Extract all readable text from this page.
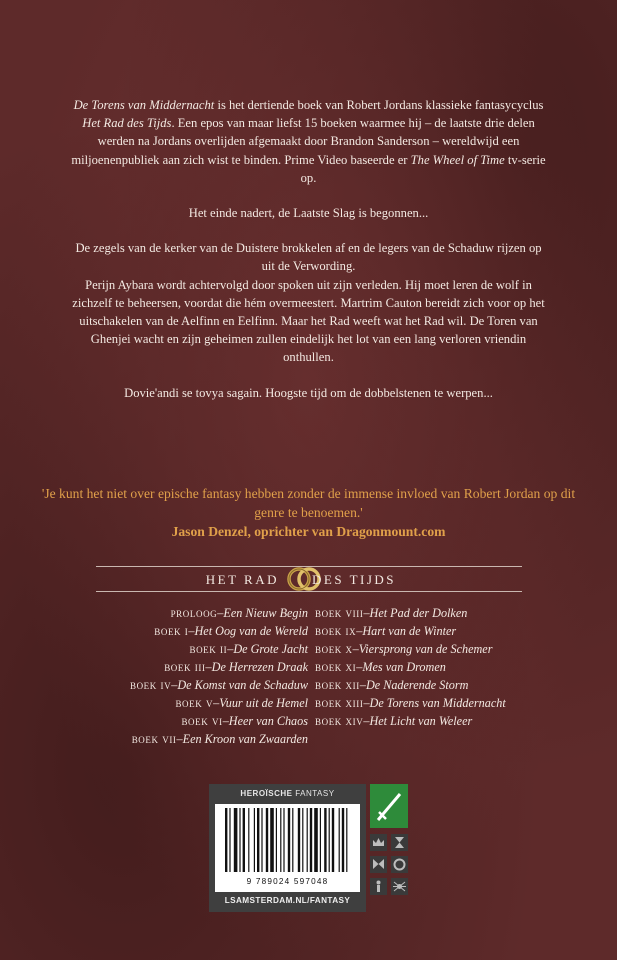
De Torens van Middernacht is het dertiende boek van Robert Jordans klassieke fantasycyclus Het Rad des Tijds. Een epos van maar liefst 15 boeken waarmee hij – de laatste drie delen werden na Jordans overlijden afgemaakt door Brandon Sanderson – wereldwijd een miljoenenpubliek aan zich wist te binden. Prime Video baseerde er The Wheel of Time tv-serie op.

Het einde nadert, de Laatste Slag is begonnen...

De zegels van de kerker van de Duistere brokkelen af en de legers van de Schaduw rijzen op uit de Verwording.

Perijn Aybara wordt achtervolgd door spoken uit zijn verleden. Hij moet leren de wolf in zichzelf te beheersen, voordat die hém overmeestert. Martrim Cauton bereidt zich voor op het uitschakelen van de Aelfinn en Eelfinn. Maar het Rad weeft wat het Rad wil. De Toren van Ghenjei wacht en zijn geheimen zullen eindelijk het lot van een lang verloren vriendin onthullen.

Dovie'andi se tovya sagain. Hoogste tijd om de dobbelstenen te werpen...

'Je kunt het niet over epische fantasy hebben zonder de immense invloed van Robert Jordan op dit genre te benoemen.'
Jason Denzel, oprichter van Dragonmount.com
HET RAD	DES TIJDS
proloog–Een Nieuw Begin
boek i–Het Oog van de Wereld
boek ii–De Grote Jacht
boek iii–De Herrezen Draak
boek iv–De Komst van de Schaduw
boek v–Vuur uit de Hemel
boek vi–Heer van Chaos
boek vii–Een Kroon van Zwaarden
boek viii–Het Pad der Dolken
boek ix–Hart van de Winter
boek x–Viersprong van de Schemer
boek xi–Mes van Dromen
boek xii–De Naderende Storm
boek xiii–De Torens van Middernacht
boek xiv–Het Licht van Weleer
HEROÏSCHE FANTASY
9 789024 597048
LSAMSTERDAM.NL/FANTASY
